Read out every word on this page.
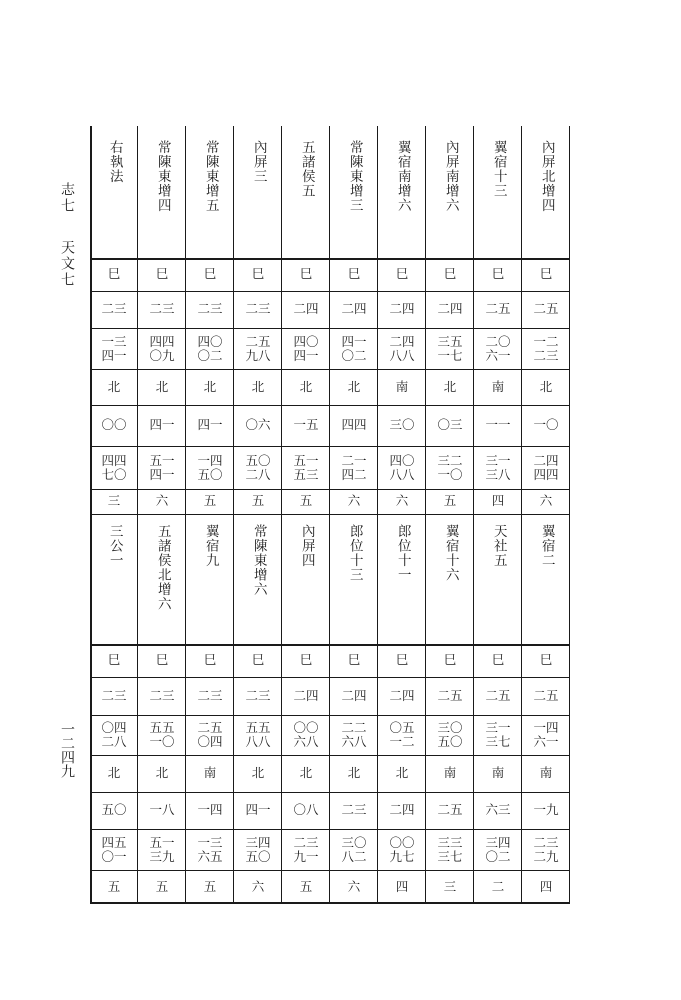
志七
天文七
一二四九
內屏北增四
巳
二五
一二
二三
北
一〇
二四
四四
六
翼宿二
巳
二五
一四
六一
南
一九
二三
二九
四
翼宿十三
巳
二五
二〇
六一
南
一一
三一
三八
四
天社五
巳
二五
三一
三七
南
六三
三四
〇二
二
內屏南增六
巳
二四
三五
一七
北
〇三
三二
一〇
五
翼宿十六
巳
二五
三〇
五〇
南
二五
三三
三七
三
翼宿南增六
巳
二四
二四
八八
南
三〇
四〇
八八
六
郎位十一
巳
二四
〇五
一二
北
二四
〇〇
九七
四
常陳東增三
巳
二四
四一
〇二
北
四四
二一
四二
六
郎位十三
巳
二四
二二
六八
北
二三
三〇
八二
六
五諸侯五
巳
二四
四〇
四一
北
一五
五一
五三
五
內屏四
巳
二四
〇〇
六八
北
〇八
二三
九一
五
內屏三
巳
二三
二五
九八
北
〇六
五〇
二八
五
常陳東增六
巳
二三
五五
八八
北
四一
三四
五〇
六
常陳東增五
巳
二三
四〇
〇二
北
四一
一四
五〇
五
翼宿九
巳
二三
二五
〇四
南
一四
一三
六五
五
常陳東增四
巳
二三
四四
〇九
北
四一
五一
四一
六
五諸侯北增六
巳
二三
五五
一〇
北
一八
五一
三九
五
右執法
巳
二三
一三
四一
北
〇〇
四四
七〇
三
三公一
巳
二三
〇四
二八
北
五〇
四五
〇一
五
